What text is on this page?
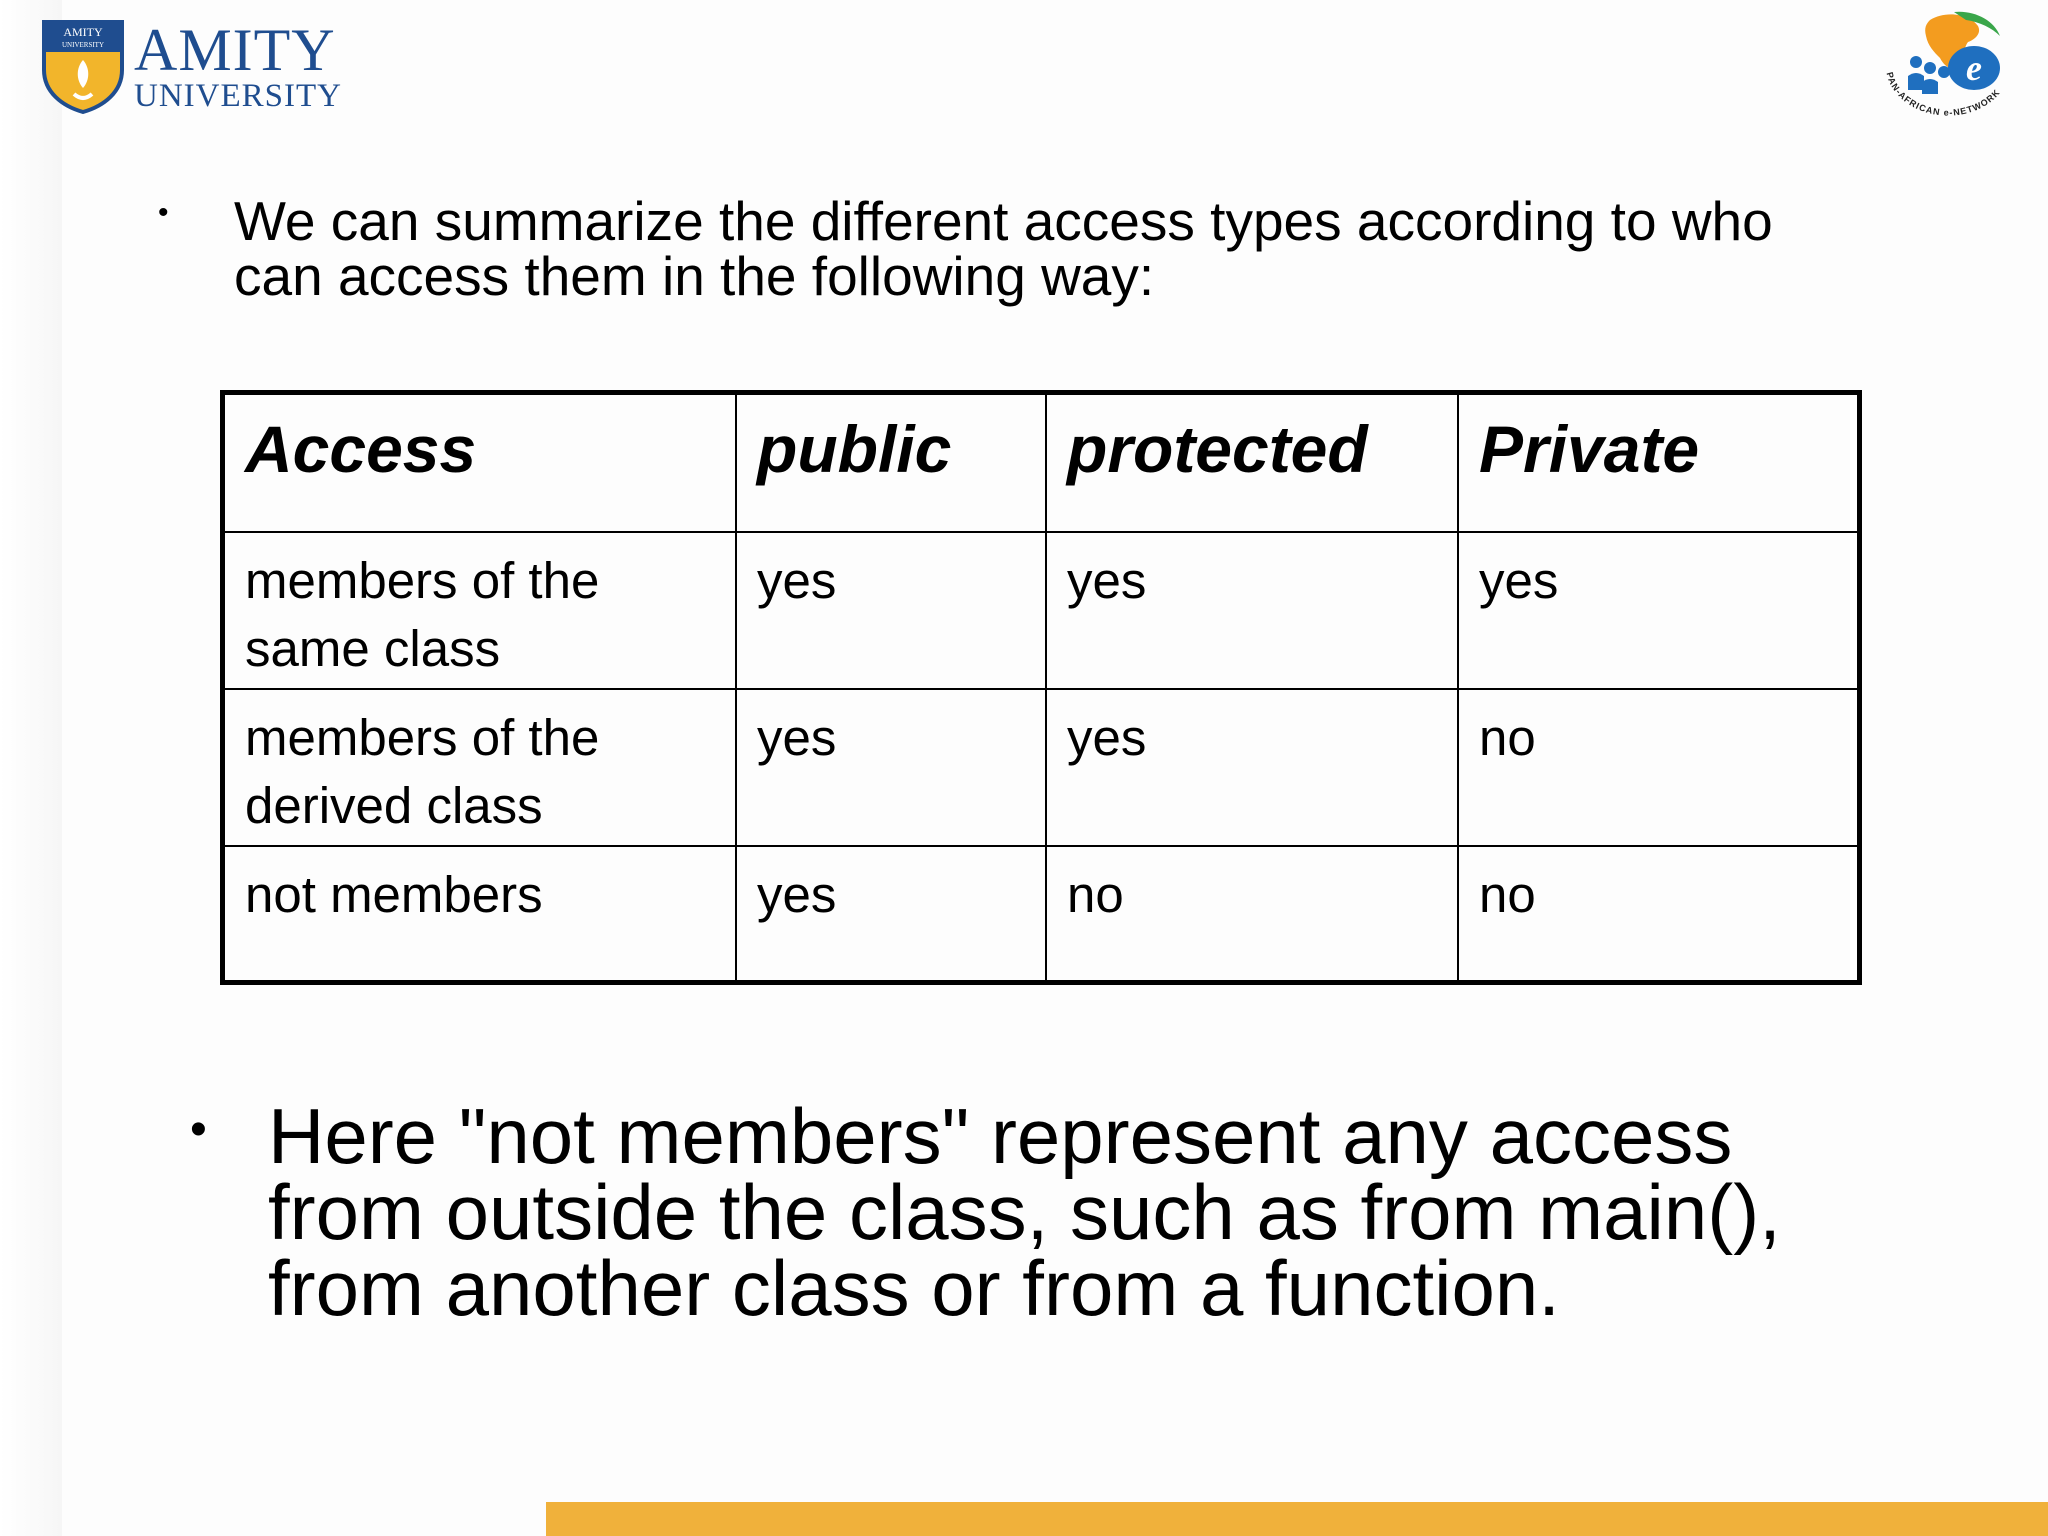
AMITY
UNIVERSITY AMITY
UNIVERSITY
e
PAN-AFRICAN e-NETWORK
• We can summarize the different access types according to who can access them in the following way:
Access	public	protected	Private
members of the same class	yes	yes	yes
members of the derived class	yes	yes	no
not members	yes	no	no
• Here "not members" represent any access from outside the class, such as from main(), from another class or from a function.
